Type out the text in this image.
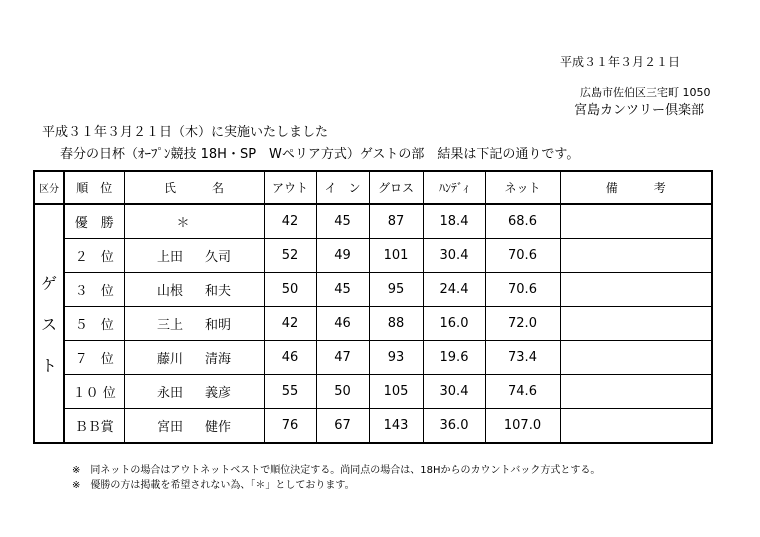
平成３１年３月２１日
広島市佐伯区三宅町 1050
宮島カンツリー倶楽部
平成３１年３月２１日（木）に実施いたしました
春分の日杯（ｵｰﾌﾟﾝ競技 18H・SP　Wペリア方式）ゲストの部　結果は下記の通りです。
区分	順　位	氏　　　名	アウト	イ　ン	グロス	ﾊﾝﾃﾞｨ	ネット	備　　　考

ゲ
ス
ト	優　勝	＊	42	45	87	18.4	68.6	
	２　位	上田 久司	52	49	101	30.4	70.6	
	３　位	山根 和夫	50	45	95	24.4	70.6	
	５　位	三上 和明	42	46	88	16.0	72.0	
	７　位	藤川 清海	46	47	93	19.6	73.4	
	１０ 位	永田 義彦	55	50	105	30.4	74.6	
	ＢＢ賞	宮田 健作	76	67	143	36.0	107.0	
※　同ネットの場合はアウトネットベストで順位決定する。尚同点の場合は、18Hからのカウントバック方式とする。
※　優勝の方は掲載を希望されない為、「＊」としております。
